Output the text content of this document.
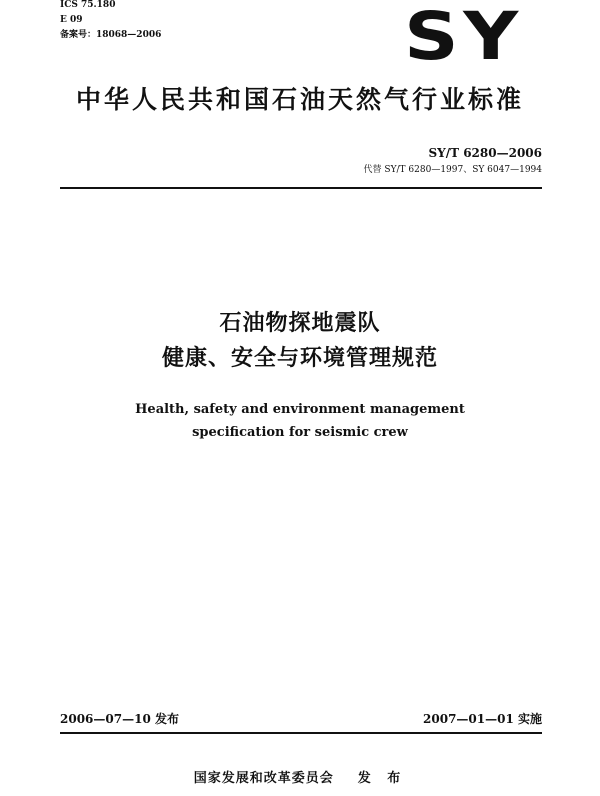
ICS 75.180
E 09
备案号：18068—2006	SY
中华人民共和国石油天然气行业标准
SY/T 6280—2006
代替 SY/T 6280—1997、SY 6047—1994
石油物探地震队
健康、安全与环境管理规范
Health, safety and environment management
specification for seismic crew
2006—07—10 发布	2007—01—01 实施
国家发展和改革委员会 发 布
